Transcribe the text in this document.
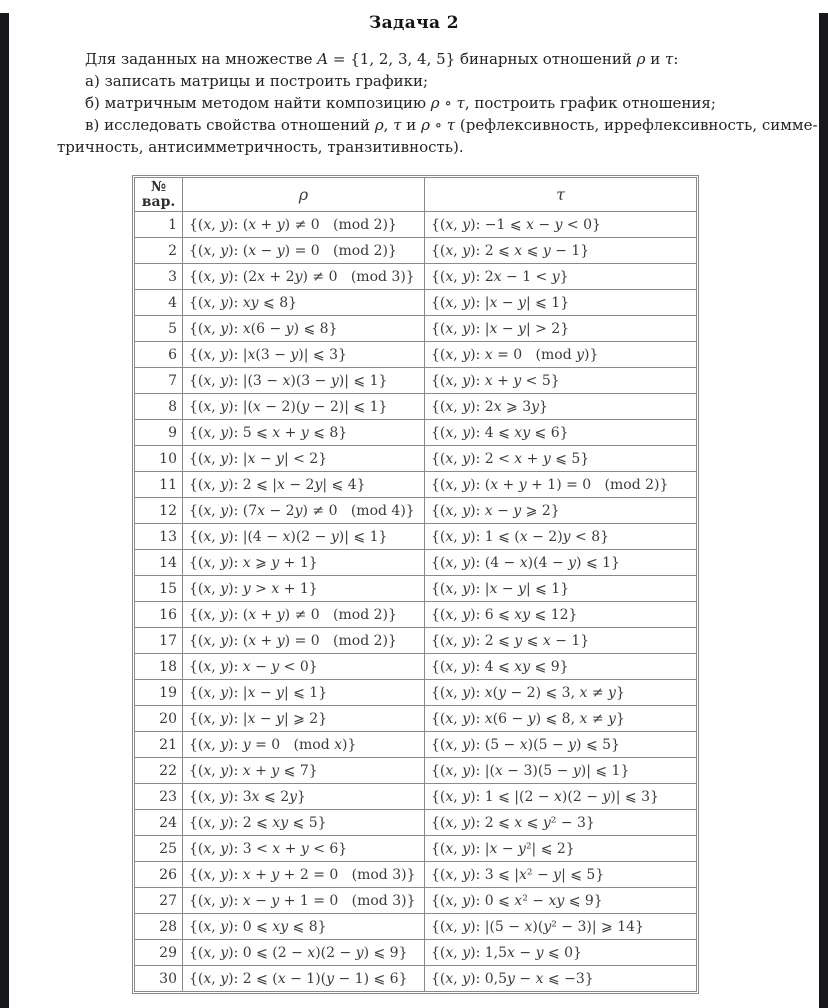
Задача 2
Для заданных на множестве A = {1, 2, 3, 4, 5} бинарных отношений ρ и τ:
а) записать матрицы и построить графики;
б) матричным методом найти композицию ρ ∘ τ, построить график отношения;
в) исследовать свойства отношений ρ, τ и ρ ∘ τ (рефлексивность, иррефлексивность, симме-
тричность, антисимметричность, транзитивность).
№
вар.	ρ	τ
1	{(x, y): (x + y) ≠ 0   (mod 2)}	{(x, y): −1 ⩽ x − y < 0}
2	{(x, y): (x − y) = 0   (mod 2)}	{(x, y): 2 ⩽ x ⩽ y − 1}
3	{(x, y): (2x + 2y) ≠ 0   (mod 3)}	{(x, y): 2x − 1 < y}
4	{(x, y): xy ⩽ 8}	{(x, y): |x − y| ⩽ 1}
5	{(x, y): x(6 − y) ⩽ 8}	{(x, y): |x − y| > 2}
6	{(x, y): |x(3 − y)| ⩽ 3}	{(x, y): x = 0   (mod y)}
7	{(x, y): |(3 − x)(3 − y)| ⩽ 1}	{(x, y): x + y < 5}
8	{(x, y): |(x − 2)(y − 2)| ⩽ 1}	{(x, y): 2x ⩾ 3y}
9	{(x, y): 5 ⩽ x + y ⩽ 8}	{(x, y): 4 ⩽ xy ⩽ 6}
10	{(x, y): |x − y| < 2}	{(x, y): 2 < x + y ⩽ 5}
11	{(x, y): 2 ⩽ |x − 2y| ⩽ 4}	{(x, y): (x + y + 1) = 0   (mod 2)}
12	{(x, y): (7x − 2y) ≠ 0   (mod 4)}	{(x, y): x − y ⩾ 2}
13	{(x, y): |(4 − x)(2 − y)| ⩽ 1}	{(x, y): 1 ⩽ (x − 2)y < 8}
14	{(x, y): x ⩾ y + 1}	{(x, y): (4 − x)(4 − y) ⩽ 1}
15	{(x, y): y > x + 1}	{(x, y): |x − y| ⩽ 1}
16	{(x, y): (x + y) ≠ 0   (mod 2)}	{(x, y): 6 ⩽ xy ⩽ 12}
17	{(x, y): (x + y) = 0   (mod 2)}	{(x, y): 2 ⩽ y ⩽ x − 1}
18	{(x, y): x − y < 0}	{(x, y): 4 ⩽ xy ⩽ 9}
19	{(x, y): |x − y| ⩽ 1}	{(x, y): x(y − 2) ⩽ 3, x ≠ y}
20	{(x, y): |x − y| ⩾ 2}	{(x, y): x(6 − y) ⩽ 8, x ≠ y}
21	{(x, y): y = 0   (mod x)}	{(x, y): (5 − x)(5 − y) ⩽ 5}
22	{(x, y): x + y ⩽ 7}	{(x, y): |(x − 3)(5 − y)| ⩽ 1}
23	{(x, y): 3x ⩽ 2y}	{(x, y): 1 ⩽ |(2 − x)(2 − y)| ⩽ 3}
24	{(x, y): 2 ⩽ xy ⩽ 5}	{(x, y): 2 ⩽ x ⩽ y² − 3}
25	{(x, y): 3 < x + y < 6}	{(x, y): |x − y²| ⩽ 2}
26	{(x, y): x + y + 2 = 0   (mod 3)}	{(x, y): 3 ⩽ |x² − y| ⩽ 5}
27	{(x, y): x − y + 1 = 0   (mod 3)}	{(x, y): 0 ⩽ x² − xy ⩽ 9}
28	{(x, y): 0 ⩽ xy ⩽ 8}	{(x, y): |(5 − x)(y² − 3)| ⩾ 14}
29	{(x, y): 0 ⩽ (2 − x)(2 − y) ⩽ 9}	{(x, y): 1,5x − y ⩽ 0}
30	{(x, y): 2 ⩽ (x − 1)(y − 1) ⩽ 6}	{(x, y): 0,5y − x ⩽ −3}
